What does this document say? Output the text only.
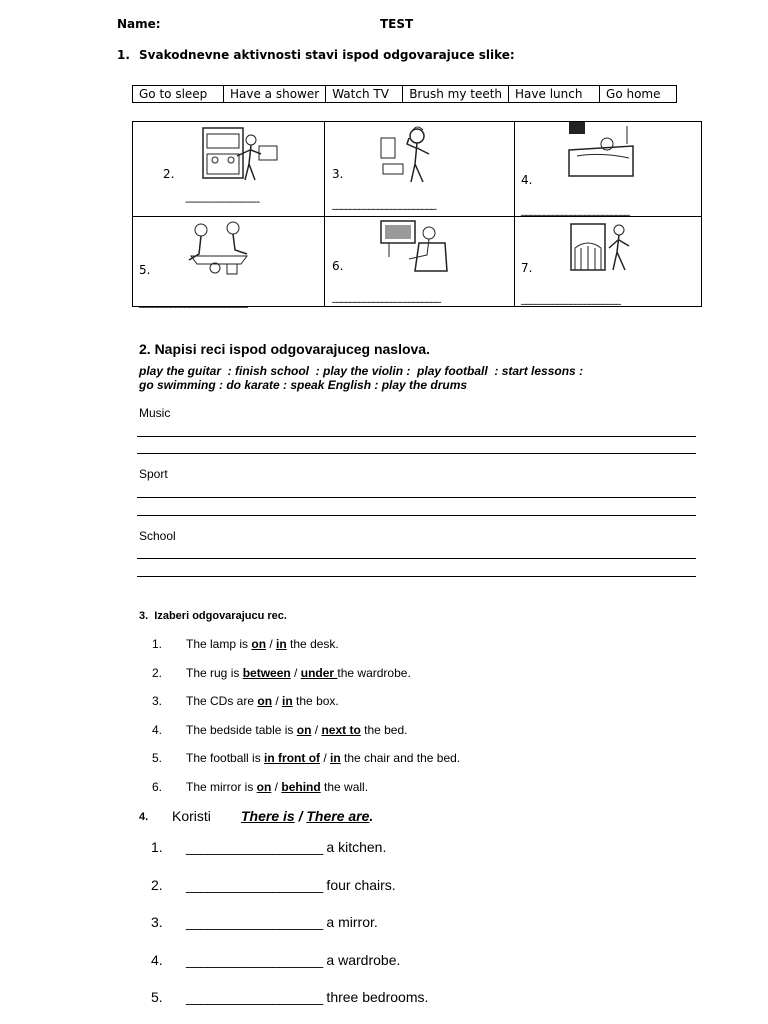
Name:	TEST
1. Svakodnevne aktivnosti stavi ispod odgovarajuce slike:
Go to sleep	Have a shower	Watch TV	Brush my teeth	Have lunch	Go home
2.
-------------------------
3.
_______________________
4.
________________________
5.
________________________
6.
________________________
7.
______________________
2. Napisi reci ispod odgovarajuceg naslova.
play the guitar  : finish school  : play the violin :  play football  : start lessons :
go swimming : do karate : speak English : play the drums
Music
Sport
School
3.  Izaberi odgovarajucu rec.
1. The lamp is on / in the desk.
2. The rug is between / under the wardrobe.
3. The CDs are on / in the box.
4. The bedside table is on / next to the bed.
5. The football is in front of / in the chair and the bed.
6. The mirror is on / behind the wall.
4. Koristi There is / There are.
1. ___________________ a kitchen.
2. ___________________ four chairs.
3. ___________________ a mirror.
4. ___________________ a wardrobe.
5. ___________________ three bedrooms.
